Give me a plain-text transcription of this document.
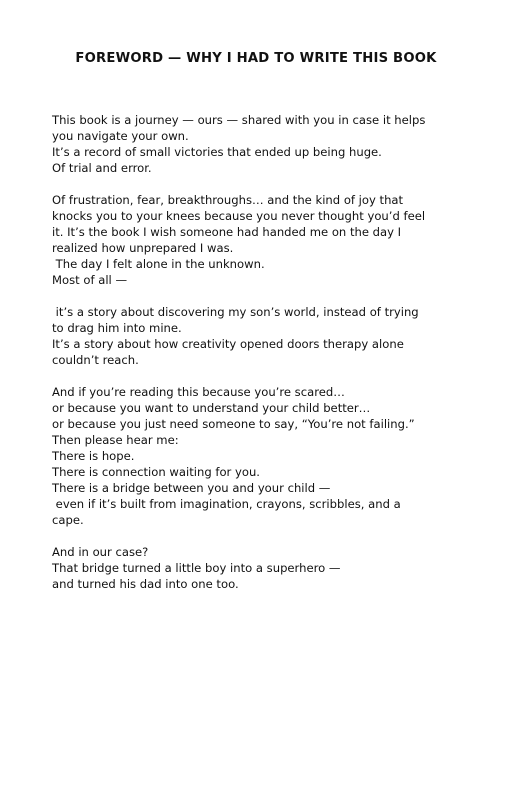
FOREWORD — WHY I HAD TO WRITE THIS BOOK
This book is a journey — ours — shared with you in case it helps
you navigate your own.
It’s a record of small victories that ended up being huge.
Of trial and error.
Of frustration, fear, breakthroughs… and the kind of joy that
knocks you to your knees because you never thought you’d feel
it. It’s the book I wish someone had handed me on the day I
realized how unprepared I was.
The day I felt alone in the unknown.
Most of all —
it’s a story about discovering my son’s world, instead of trying
to drag him into mine.
It’s a story about how creativity opened doors therapy alone
couldn’t reach.
And if you’re reading this because you’re scared…
or because you want to understand your child better…
or because you just need someone to say, “You’re not failing.”
Then please hear me:
There is hope.
There is connection waiting for you.
There is a bridge between you and your child —
even if it’s built from imagination, crayons, scribbles, and a
cape.
And in our case?
That bridge turned a little boy into a superhero —
and turned his dad into one too.
